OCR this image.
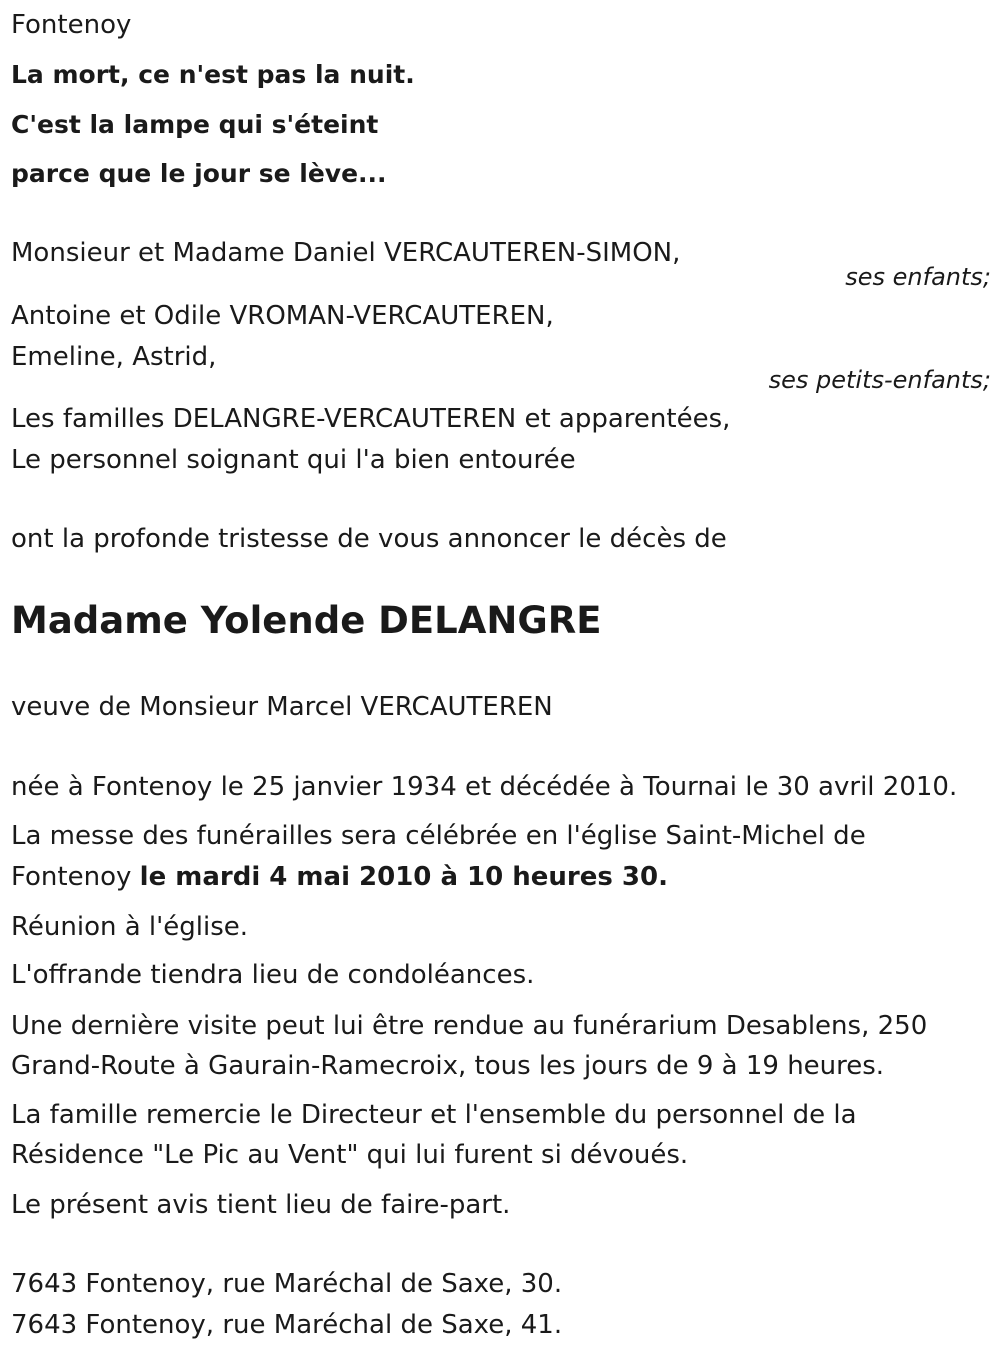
Fontenoy
La mort, ce n'est pas la nuit.
C'est la lampe qui s'éteint
parce que le jour se lève...
Monsieur et Madame Daniel VERCAUTEREN-SIMON,
ses enfants;
Antoine et Odile VROMAN-VERCAUTEREN,
Emeline, Astrid,
ses petits-enfants;
Les familles DELANGRE-VERCAUTEREN et apparentées,
Le personnel soignant qui l'a bien entourée
ont la profonde tristesse de vous annoncer le décès de
Madame Yolende DELANGRE
veuve de Monsieur Marcel VERCAUTEREN
née à Fontenoy le 25 janvier 1934 et décédée à Tournai le 30 avril 2010.
La messe des funérailles sera célébrée en l'église Saint-Michel de
Fontenoy le mardi 4 mai 2010 à 10 heures 30.
Réunion à l'église.
L'offrande tiendra lieu de condoléances.
Une dernière visite peut lui être rendue au funérarium Desablens, 250
Grand-Route à Gaurain-Ramecroix, tous les jours de 9 à 19 heures.
La famille remercie le Directeur et l'ensemble du personnel de la
Résidence "Le Pic au Vent" qui lui furent si dévoués.
Le présent avis tient lieu de faire-part.
7643 Fontenoy, rue Maréchal de Saxe, 30.
7643 Fontenoy, rue Maréchal de Saxe, 41.
